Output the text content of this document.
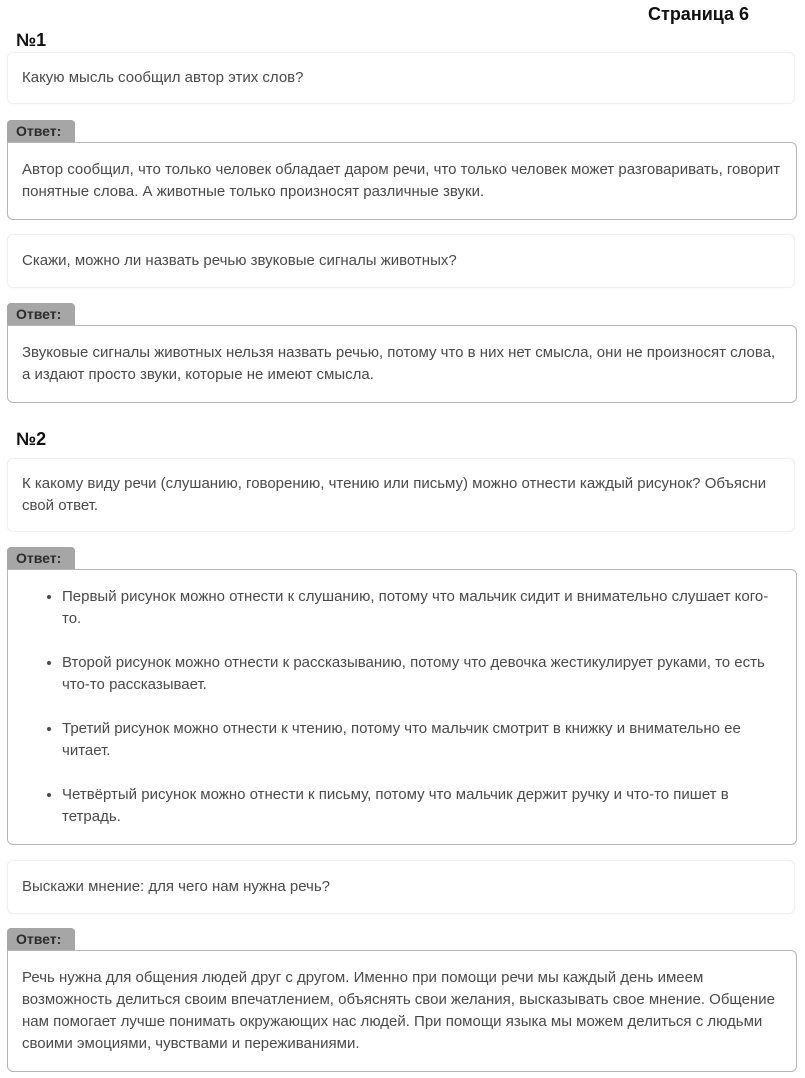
Страница 6
№1
Какую мысль сообщил автор этих слов?
Ответ:

Автор сообщил, что только человек обладает даром речи, что только человек может разговаривать, говорит понятные слова. А животные только произносят различные звуки.

Скажи, можно ли назвать речью звуковые сигналы животных?
Ответ:

Звуковые сигналы животных нельзя назвать речью, потому что в них нет смысла, они не произносят слова, а издают просто звуки, которые не имеют смысла.

№2
К какому виду речи (слушанию, говорению, чтению или письму) можно отнести каждый рисунок? Объясни свой ответ.
Ответ:
• Первый рисунок можно отнести к слушанию, потому что мальчик сидит и внимательно слушает кого-то.
• Второй рисунок можно отнести к рассказыванию, потому что девочка жестикулирует руками, то есть что-то рассказывает.
• Третий рисунок можно отнести к чтению, потому что мальчик смотрит в книжку и внимательно ее читает.
• Четвёртый рисунок можно отнести к письму, потому что мальчик держит ручку и что-то пишет в тетрадь.
Выскажи мнение: для чего нам нужна речь?
Ответ:

Речь нужна для общения людей друг с другом. Именно при помощи речи мы каждый день имеем возможность делиться своим впечатлением, объяснять свои желания, высказывать свое мнение. Общение нам помогает лучше понимать окружающих нас людей. При помощи языка мы можем делиться с людьми своими эмоциями, чувствами и переживаниями.
